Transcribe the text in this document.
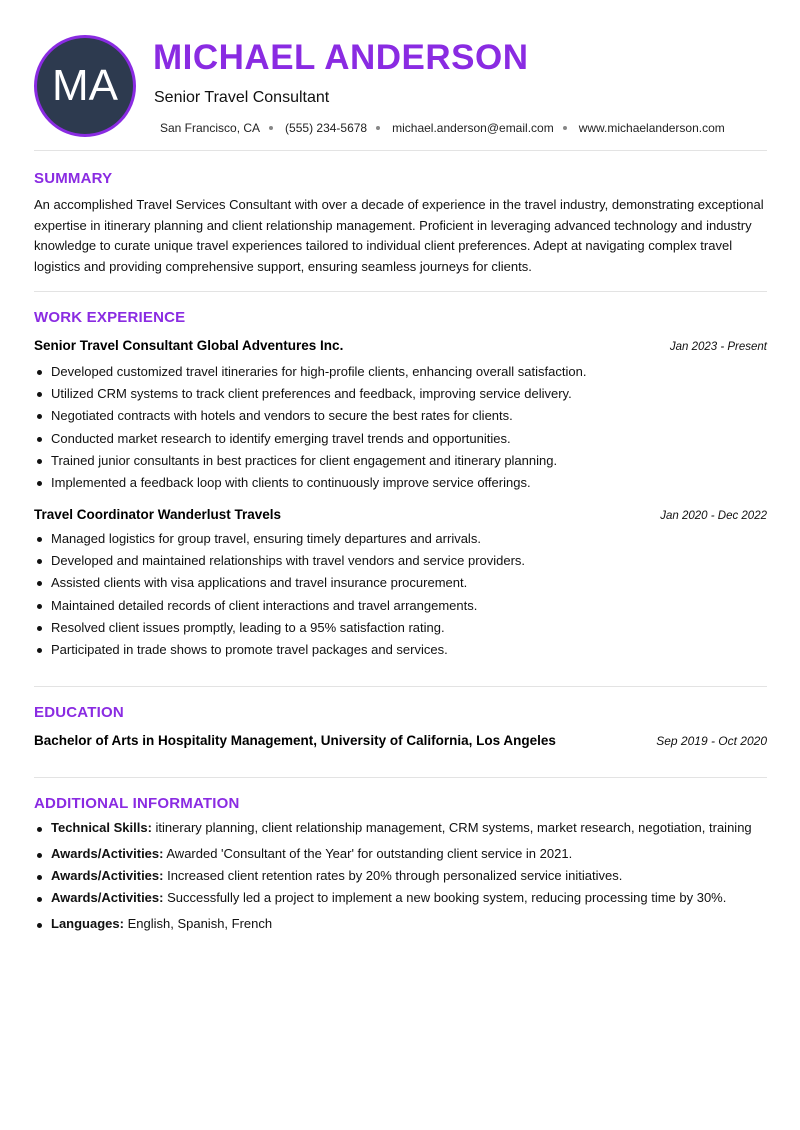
MA
MICHAEL ANDERSON
Senior Travel Consultant
San Francisco, CA (555) 234-5678 michael.anderson@email.com www.michaelanderson.com
SUMMARY
An accomplished Travel Services Consultant with over a decade of experience in the travel industry, demonstrating exceptional expertise in itinerary planning and client relationship management. Proficient in leveraging advanced technology and industry knowledge to curate unique travel experiences tailored to individual client preferences. Adept at navigating complex travel logistics and providing comprehensive support, ensuring seamless journeys for clients.
WORK EXPERIENCE
Senior Travel Consultant Global Adventures Inc.	Jan 2023 - Present
Developed customized travel itineraries for high-profile clients, enhancing overall satisfaction.
Utilized CRM systems to track client preferences and feedback, improving service delivery.
Negotiated contracts with hotels and vendors to secure the best rates for clients.
Conducted market research to identify emerging travel trends and opportunities.
Trained junior consultants in best practices for client engagement and itinerary planning.
Implemented a feedback loop with clients to continuously improve service offerings.
Travel Coordinator Wanderlust Travels	Jan 2020 - Dec 2022
Managed logistics for group travel, ensuring timely departures and arrivals.
Developed and maintained relationships with travel vendors and service providers.
Assisted clients with visa applications and travel insurance procurement.
Maintained detailed records of client interactions and travel arrangements.
Resolved client issues promptly, leading to a 95% satisfaction rating.
Participated in trade shows to promote travel packages and services.
EDUCATION
Bachelor of Arts in Hospitality Management, University of California, Los Angeles	Sep 2019 - Oct 2020
ADDITIONAL INFORMATION
Technical Skills: itinerary planning, client relationship management, CRM systems, market research, negotiation, training
Awards/Activities: Awarded 'Consultant of the Year' for outstanding client service in 2021.
Awards/Activities: Increased client retention rates by 20% through personalized service initiatives.
Awards/Activities: Successfully led a project to implement a new booking system, reducing processing time by 30%.
Languages: English, Spanish, French
